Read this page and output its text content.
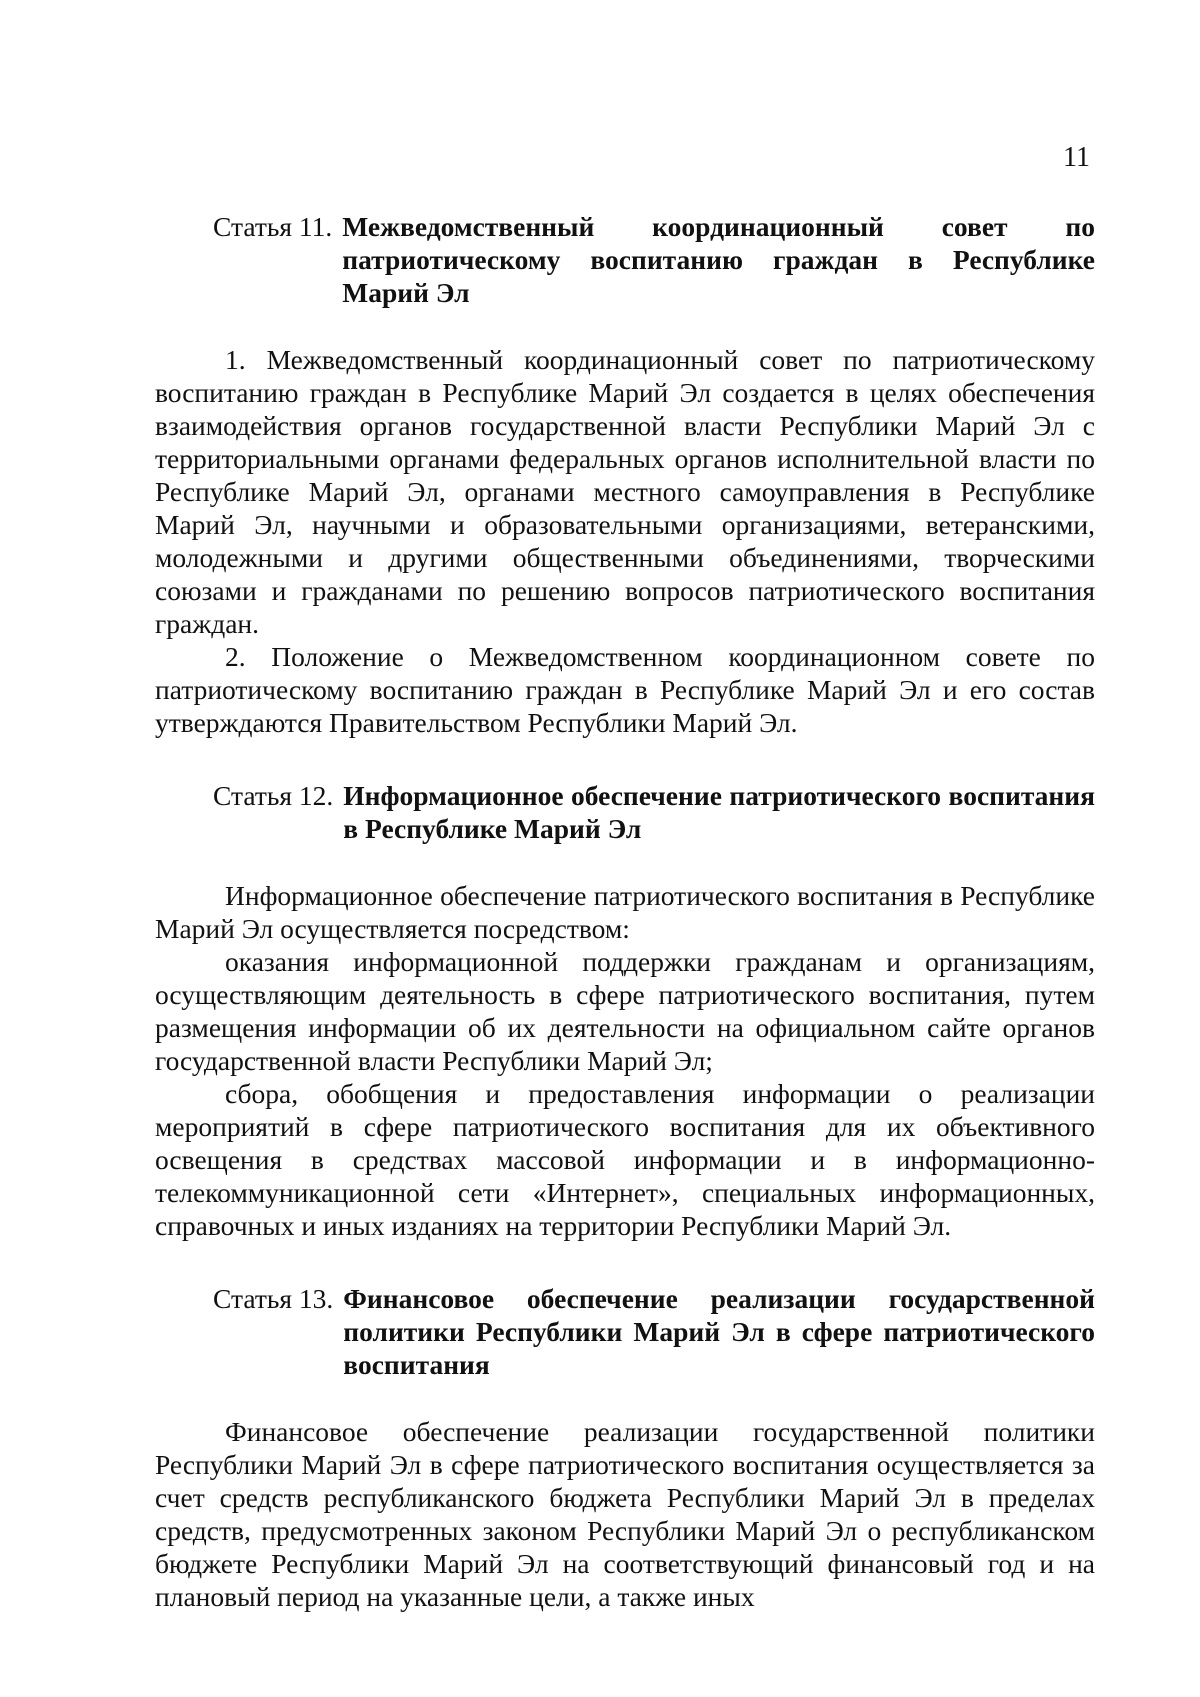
11
Статья 11. Межведомственный координационный совет по патриотическому воспитанию граждан в Республике Марий Эл

1. Межведомственный координационный совет по патриотическому воспитанию граждан в Республике Марий Эл создается в целях обеспечения взаимодействия органов государственной власти Республики Марий Эл с территориальными органами федеральных органов исполнительной власти по Республике Марий Эл, органами местного самоуправления в Республике Марий Эл, научными и образовательными организациями, ветеранскими, молодежными и другими общественными объединениями, творческими союзами и гражданами по решению вопросов патриотического воспитания граждан.

2. Положение о Межведомственном координационном совете по патриотическому воспитанию граждан в Республике Марий Эл и его состав утверждаются Правительством Республики Марий Эл.

Статья 12. Информационное обеспечение патриотического воспитания в Республике Марий Эл

Информационное обеспечение патриотического воспитания в Республике Марий Эл осуществляется посредством:

оказания информационной поддержки гражданам и организациям, осуществляющим деятельность в сфере патриотического воспитания, путем размещения информации об их деятельности на официальном сайте органов государственной власти Республики Марий Эл;

сбора, обобщения и предоставления информации о реализации мероприятий в сфере патриотического воспитания для их объективного освещения в средствах массовой информации и в информационно-телекоммуникационной сети «Интернет», специальных информационных, справочных и иных изданиях на территории Республики Марий Эл.

Статья 13. Финансовое обеспечение реализации государственной политики Республики Марий Эл в сфере патриотического воспитания

Финансовое обеспечение реализации государственной политики Республики Марий Эл в сфере патриотического воспитания осуществляется за счет средств республиканского бюджета Республики Марий Эл в пределах средств, предусмотренных законом Республики Марий Эл о республиканском бюджете Республики Марий Эл на соответствующий финансовый год и на плановый период на указанные цели, а также иных
